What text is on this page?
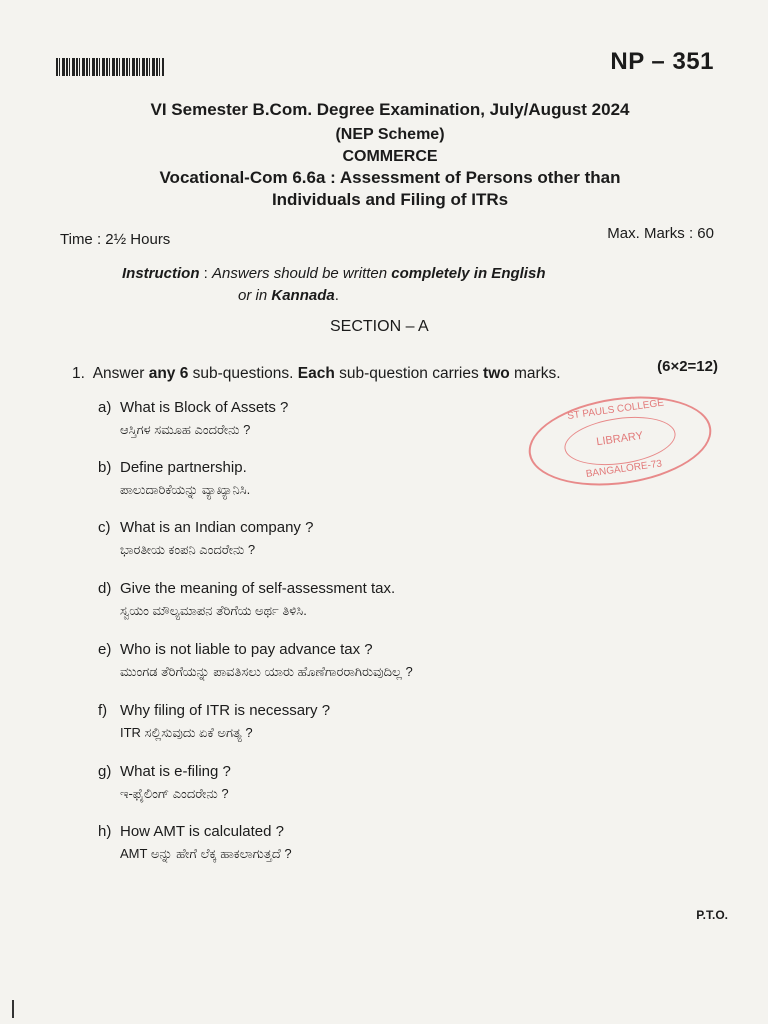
NP – 351
VI Semester B.Com. Degree Examination, July/August 2024
(NEP Scheme)
COMMERCE
Vocational-Com 6.6a : Assessment of Persons other than
Individuals and Filing of ITRs
Time : 2½ Hours	Max. Marks : 60
Instruction : Answers should be written completely in English
or in Kannada.
SECTION – A
1. Answer any 6 sub-questions. Each sub-question carries two marks.	(6×2=12)
a) What is Block of Assets ?
ಆಸ್ತಿಗಳ ಸಮೂಹ ಎಂದರೇನು ?
b) Define partnership.
ಪಾಲುದಾರಿಕೆಯನ್ನು ವ್ಯಾಖ್ಯಾನಿಸಿ.
c) What is an Indian company ?
ಭಾರತೀಯ ಕಂಪನಿ ಎಂದರೇನು ?
d) Give the meaning of self-assessment tax.
ಸ್ವಯಂ ಮೌಲ್ಯಮಾಪನ ತೆರಿಗೆಯ ಅರ್ಥ ತಿಳಿಸಿ.
e) Who is not liable to pay advance tax ?
ಮುಂಗಡ ತೆರಿಗೆಯನ್ನು ಪಾವತಿಸಲು ಯಾರು ಹೊಣೆಗಾರರಾಗಿರುವುದಿಲ್ಲ ?
f) Why filing of ITR is necessary ?
ITR ಸಲ್ಲಿಸುವುದು ಏಕೆ ಅಗತ್ಯ ?
g) What is e-filing ?
ಇ-ಫೈಲಿಂಗ್ ಎಂದರೇನು ?
h) How AMT is calculated ?
AMT ಅನ್ನು ಹೇಗೆ ಲೆಕ್ಕ ಹಾಕಲಾಗುತ್ತದೆ ?
ST PAULS COLLEGE
LIBRARY
BANGALORE-73
P.T.O.
